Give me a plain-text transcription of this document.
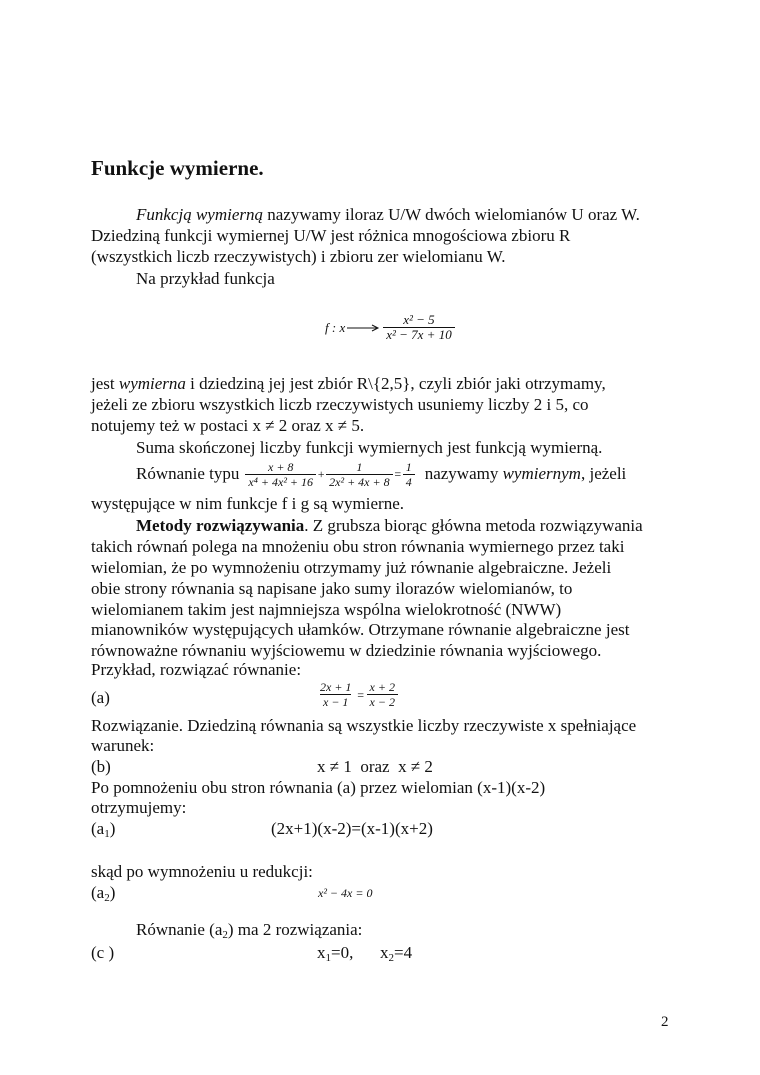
Funkcje wymierne.
Funkcją wymierną nazywamy iloraz U/W dwóch wielomianów U oraz W.
Dziedziną funkcji wymiernej U/W jest różnica mnogościowa zbioru R
(wszystkich liczb rzeczywistych) i zbioru zer wielomianu W.
Na przykład funkcja
f : x	$\frac{\text{x² − 5}}{\text{x² − 7x + 10}}$
jest wymierna i dziedziną jej jest zbiór R\{2,5}, czyli zbiór jaki otrzymamy,
jeżeli ze zbioru wszystkich liczb rzeczywistych usuniemy liczby 2 i 5, co
notujemy też w postaci x ≠ 2 oraz x ≠ 5.
Suma skończonej liczby funkcji wymiernych jest funkcją wymierną.
Równanie typu $\frac{x + 8}{\text{x⁴ + 4x² + 16}} + \frac{1}{\text{2x² + 4x + 8}} = \frac{1}{4}$ nazywamy wymiernym, jeżeli
występujące w nim funkcje f i g są wymierne.
Metody rozwiązywania. Z grubsza biorąc główna metoda rozwiązywania
takich równań polega na mnożeniu obu stron równania wymiernego przez taki
wielomian, że po wymnożeniu otrzymamy już równanie algebraiczne. Jeżeli
obie strony równania są napisane jako sumy ilorazów wielomianów, to
wielomianem takim jest najmniejsza wspólna wielokrotność (NWW)
mianowników występujących ułamków. Otrzymane równanie algebraiczne jest
równoważne równaniu wyjściowemu w dziedzinie równania wyjściowego.
Przykład, rozwiązać równanie:
(a)	$\frac{2x + 1}{x - 1} = \frac{x + 2}{x - 2}$
Rozwiązanie. Dziedziną równania są wszystkie liczby rzeczywiste x spełniające
warunek:
(b)	x ≠ 1  oraz  x ≠ 2
Po pomnożeniu obu stron równania (a) przez wielomian (x-1)(x-2)
otrzymujemy:
$(a_1)$	(2x+1)(x-2)=(x-1)(x+2)
skąd po wymnożeniu u redukcji:
$(a_2)$	x² − 4x = 0
Równanie $(a_2)$ ma 2 rozwiązania:
(c )	$x_1=0$, $x_2=4$
2
